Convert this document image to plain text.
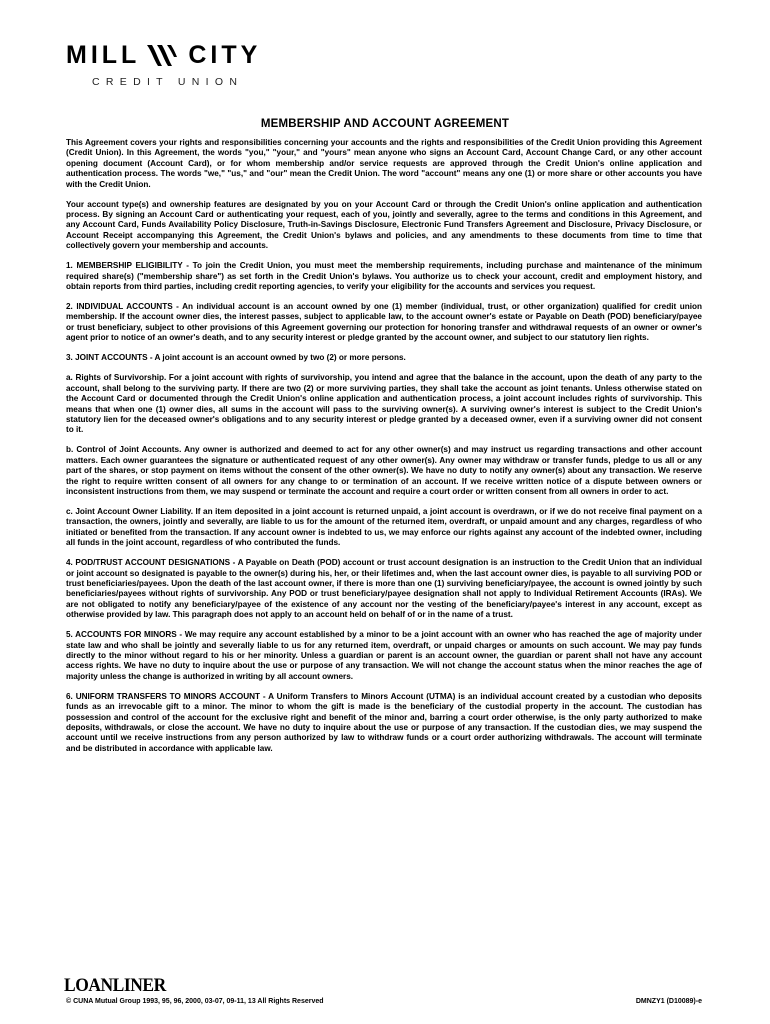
MILL CITY
CREDIT UNION
MEMBERSHIP AND ACCOUNT AGREEMENT

This Agreement covers your rights and responsibilities concerning your accounts and the rights and responsibilities of the Credit Union providing this Agreement (Credit Union). In this Agreement, the words "you," "your," and "yours" mean anyone who signs an Account Card, Account Change Card, or any other account opening document (Account Card), or for whom membership and/or service requests are approved through the Credit Union's online application and authentication process. The words "we," "us," and "our" mean the Credit Union. The word "account" means any one (1) or more share or other accounts you have with the Credit Union.

Your account type(s) and ownership features are designated by you on your Account Card or through the Credit Union's online application and authentication process. By signing an Account Card or authenticating your request, each of you, jointly and severally, agree to the terms and conditions in this Agreement, and any Account Card, Funds Availability Policy Disclosure, Truth-in-Savings Disclosure, Electronic Fund Transfers Agreement and Disclosure, Privacy Disclosure, or Account Receipt accompanying this Agreement, the Credit Union's bylaws and policies, and any amendments to these documents from time to time that collectively govern your membership and accounts.

1. MEMBERSHIP ELIGIBILITY - To join the Credit Union, you must meet the membership requirements, including purchase and maintenance of the minimum required share(s) ("membership share") as set forth in the Credit Union's bylaws. You authorize us to check your account, credit and employment history, and obtain reports from third parties, including credit reporting agencies, to verify your eligibility for the accounts and services you request.

2. INDIVIDUAL ACCOUNTS - An individual account is an account owned by one (1) member (individual, trust, or other organization) qualified for credit union membership. If the account owner dies, the interest passes, subject to applicable law, to the account owner's estate or Payable on Death (POD) beneficiary/payee or trust beneficiary, subject to other provisions of this Agreement governing our protection for honoring transfer and withdrawal requests of an owner or owner's agent prior to notice of an owner's death, and to any security interest or pledge granted by the account owner, and subject to our statutory lien rights.

3. JOINT ACCOUNTS - A joint account is an account owned by two (2) or more persons.

a. Rights of Survivorship. For a joint account with rights of survivorship, you intend and agree that the balance in the account, upon the death of any party to the account, shall belong to the surviving party. If there are two (2) or more surviving parties, they shall take the account as joint tenants. Unless otherwise stated on the Account Card or documented through the Credit Union's online application and authentication process, a joint account includes rights of survivorship. This means that when one (1) owner dies, all sums in the account will pass to the surviving owner(s). A surviving owner's interest is subject to the Credit Union's statutory lien for the deceased owner's obligations and to any security interest or pledge granted by a deceased owner, even if a surviving owner did not consent to it.

b. Control of Joint Accounts. Any owner is authorized and deemed to act for any other owner(s) and may instruct us regarding transactions and other account matters. Each owner guarantees the signature or authenticated request of any other owner(s). Any owner may withdraw or transfer funds, pledge to us all or any part of the shares, or stop payment on items without the consent of the other owner(s). We have no duty to notify any owner(s) about any transaction. We reserve the right to require written consent of all owners for any change to or termination of an account. If we receive written notice of a dispute between owners or inconsistent instructions from them, we may suspend or terminate the account and require a court order or written consent from all owners in order to act.

c. Joint Account Owner Liability. If an item deposited in a joint account is returned unpaid, a joint account is overdrawn, or if we do not receive final payment on a transaction, the owners, jointly and severally, are liable to us for the amount of the returned item, overdraft, or unpaid amount and any charges, regardless of who initiated or benefited from the transaction. If any account owner is indebted to us, we may enforce our rights against any account of the indebted owner, including all funds in the joint account, regardless of who contributed the funds.

4. POD/TRUST ACCOUNT DESIGNATIONS - A Payable on Death (POD) account or trust account designation is an instruction to the Credit Union that an individual or joint account so designated is payable to the owner(s) during his, her, or their lifetimes and, when the last account owner dies, is payable to all surviving POD or trust beneficiaries/payees. Upon the death of the last account owner, if there is more than one (1) surviving beneficiary/payee, the account is owned jointly by such beneficiaries/payees without rights of survivorship. Any POD or trust beneficiary/payee designation shall not apply to Individual Retirement Accounts (IRAs). We are not obligated to notify any beneficiary/payee of the existence of any account nor the vesting of the beneficiary/payee's interest in any account, except as otherwise provided by law. This paragraph does not apply to an account held on behalf of or in the name of a trust.

5. ACCOUNTS FOR MINORS - We may require any account established by a minor to be a joint account with an owner who has reached the age of majority under state law and who shall be jointly and severally liable to us for any returned item, overdraft, or unpaid charges or amounts on such account. We may pay funds directly to the minor without regard to his or her minority. Unless a guardian or parent is an account owner, the guardian or parent shall not have any account access rights. We have no duty to inquire about the use or purpose of any transaction. We will not change the account status when the minor reaches the age of majority unless the change is authorized in writing by all account owners.

6. UNIFORM TRANSFERS TO MINORS ACCOUNT - A Uniform Transfers to Minors Account (UTMA) is an individual account created by a custodian who deposits funds as an irrevocable gift to a minor. The minor to whom the gift is made is the beneficiary of the custodial property in the account. The custodian has possession and control of the account for the exclusive right and benefit of the minor and, barring a court order otherwise, is the only party authorized to make deposits, withdrawals, or close the account. We have no duty to inquire about the use or purpose of any transaction. If the custodian dies, we may suspend the account until we receive instructions from any person authorized by law to withdraw funds or a court order authorizing withdrawals. The account will terminate and be distributed in accordance with applicable law.

LOANLINER
© CUNA Mutual Group 1993, 95, 96, 2000, 03-07, 09-11, 13 All Rights Reserved	DMNZY1 (D10089)-e
